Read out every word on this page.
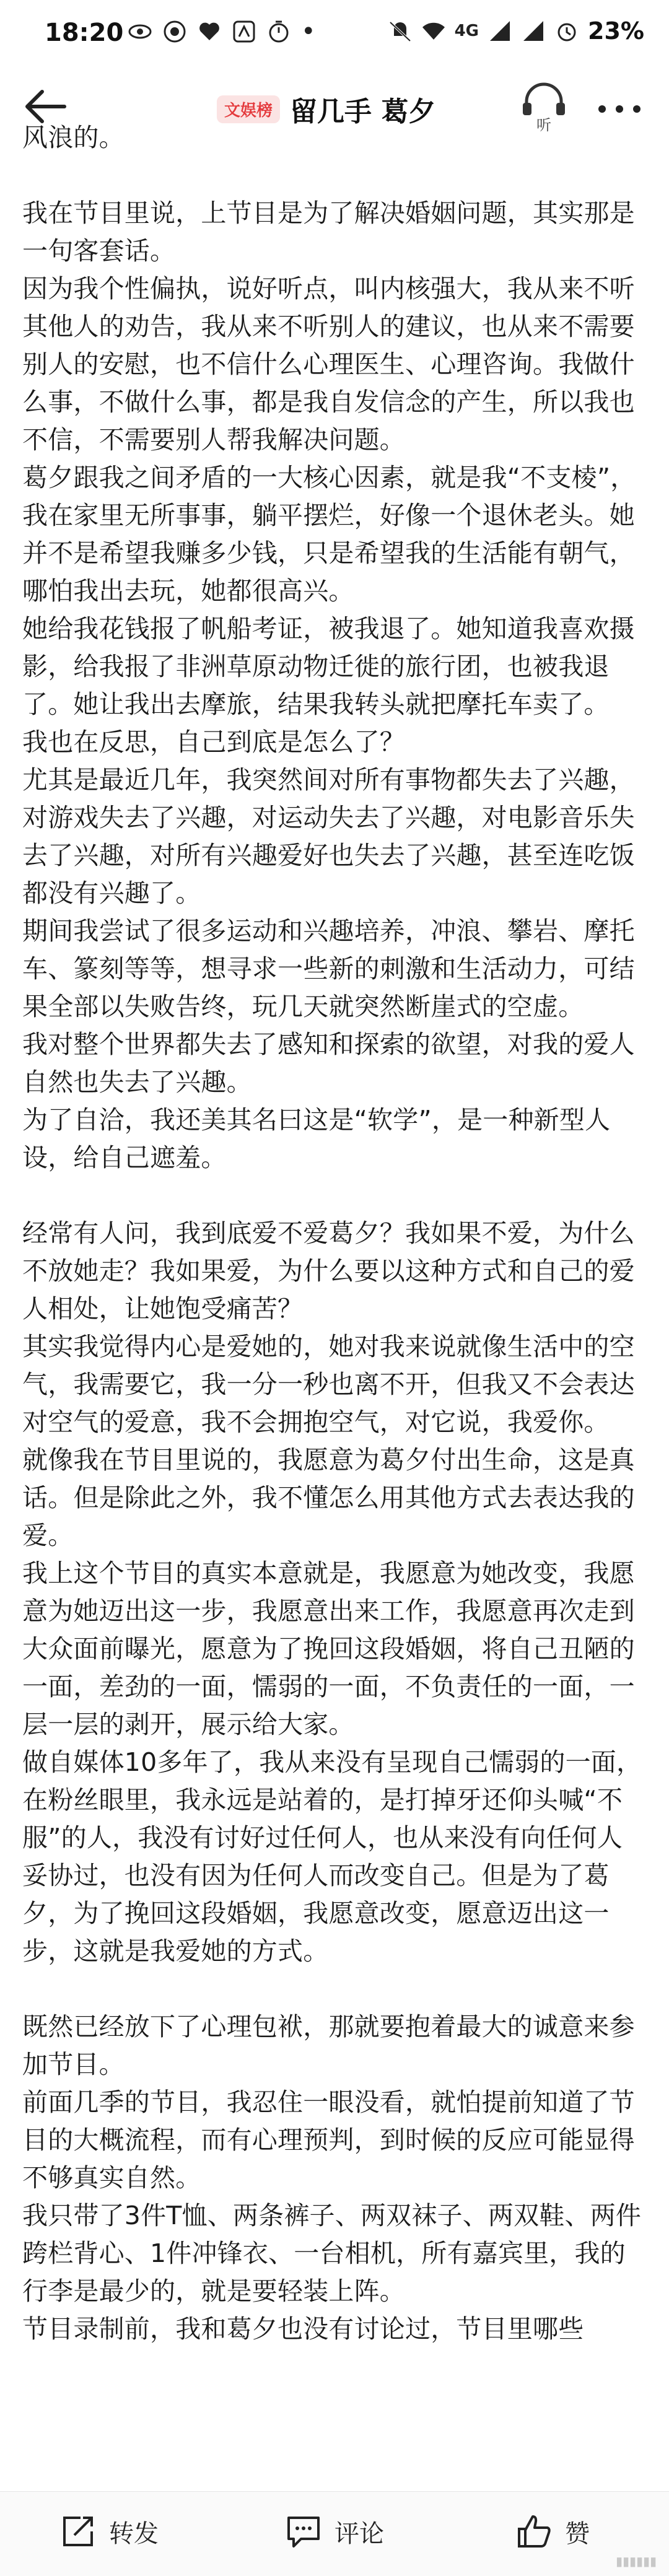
18:20	•	4G	23%
文娱榜 留几手 葛夕	听

风浪的。

我在节目里说，上节目是为了解决婚姻问题，其实那是一句客套话。

因为我个性偏执，说好听点，叫内核强大，我从来不听其他人的劝告，我从来不听别人的建议，也从来不需要别人的安慰，也不信什么心理医生、心理咨询。我做什么事，不做什么事，都是我自发信念的产生，所以我也不信，不需要别人帮我解决问题。

葛夕跟我之间矛盾的一大核心因素，就是我“不支棱”，我在家里无所事事，躺平摆烂，好像一个退休老头。她并不是希望我赚多少钱，只是希望我的生活能有朝气，哪怕我出去玩，她都很高兴。

她给我花钱报了帆船考证，被我退了。她知道我喜欢摄影，给我报了非洲草原动物迁徙的旅行团，也被我退了。她让我出去摩旅，结果我转头就把摩托车卖了。

我也在反思，自己到底是怎么了？

尤其是最近几年，我突然间对所有事物都失去了兴趣，对游戏失去了兴趣，对运动失去了兴趣，对电影音乐失去了兴趣，对所有兴趣爱好也失去了兴趣，甚至连吃饭都没有兴趣了。

期间我尝试了很多运动和兴趣培养，冲浪、攀岩、摩托车、篆刻等等，想寻求一些新的刺激和生活动力，可结果全部以失败告终，玩几天就突然断崖式的空虚。

我对整个世界都失去了感知和探索的欲望，对我的爱人自然也失去了兴趣。

为了自洽，我还美其名曰这是“软学”，是一种新型人设，给自己遮羞。

经常有人问，我到底爱不爱葛夕？我如果不爱，为什么不放她走？我如果爱，为什么要以这种方式和自己的爱人相处，让她饱受痛苦？

其实我觉得内心是爱她的，她对我来说就像生活中的空气，我需要它，我一分一秒也离不开，但我又不会表达对空气的爱意，我不会拥抱空气，对它说，我爱你。

就像我在节目里说的，我愿意为葛夕付出生命，这是真话。但是除此之外，我不懂怎么用其他方式去表达我的爱。

我上这个节目的真实本意就是，我愿意为她改变，我愿意为她迈出这一步，我愿意出来工作，我愿意再次走到大众面前曝光，愿意为了挽回这段婚姻，将自己丑陋的一面，差劲的一面，懦弱的一面，不负责任的一面，一层一层的剥开，展示给大家。

做自媒体10多年了，我从来没有呈现自己懦弱的一面，在粉丝眼里，我永远是站着的，是打掉牙还仰头喊“不服”的人，我没有讨好过任何人，也从来没有向任何人妥协过，也没有因为任何人而改变自己。但是为了葛夕，为了挽回这段婚姻，我愿意改变，愿意迈出这一步，这就是我爱她的方式。

既然已经放下了心理包袱，那就要抱着最大的诚意来参加节目。

前面几季的节目，我忍住一眼没看，就怕提前知道了节目的大概流程，而有心理预判，到时候的反应可能显得不够真实自然。

我只带了3件T恤、两条裤子、两双袜子、两双鞋、两件跨栏背心、1件冲锋衣、一台相机，所有嘉宾里，我的行李是最少的，就是要轻装上阵。

节目录制前，我和葛夕也没有讨论过，节目里哪些

转发	评论	赞
▮▮▮▮▮▮
